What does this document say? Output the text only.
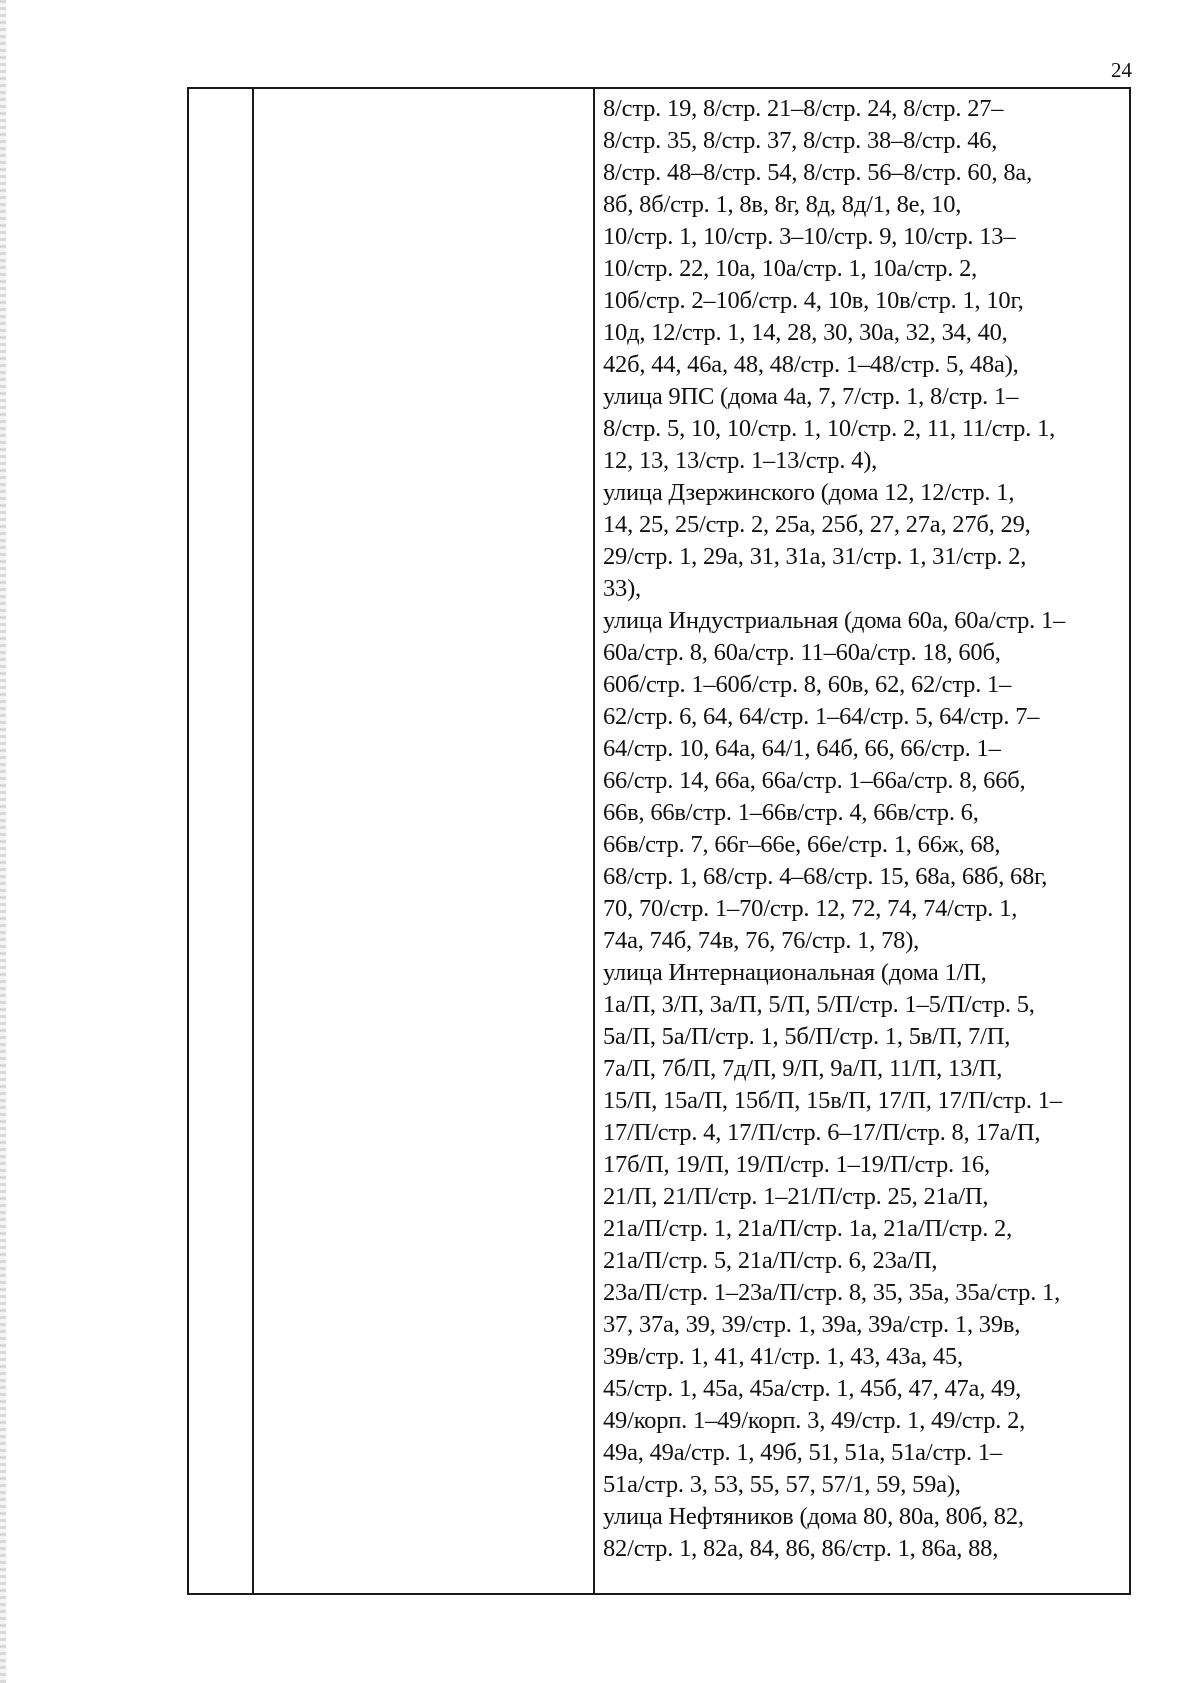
24
8/стр. 19, 8/стр. 21–8/стр. 24, 8/стр. 27–
8/стр. 35, 8/стр. 37, 8/стр. 38–8/стр. 46,
8/стр. 48–8/стр. 54, 8/стр. 56–8/стр. 60, 8а,
8б, 8б/стр. 1, 8в, 8г, 8д, 8д/1, 8е, 10,
10/стр. 1, 10/стр. 3–10/стр. 9, 10/стр. 13–
10/стр. 22, 10а, 10а/стр. 1, 10а/стр. 2,
10б/стр. 2–10б/стр. 4, 10в, 10в/стр. 1, 10г,
10д, 12/стр. 1, 14, 28, 30, 30а, 32, 34, 40,
42б, 44, 46а, 48, 48/стр. 1–48/стр. 5, 48а),
улица 9ПС (дома 4а, 7, 7/стр. 1, 8/стр. 1–
8/стр. 5, 10, 10/стр. 1, 10/стр. 2, 11, 11/стр. 1,
12, 13, 13/стр. 1–13/стр. 4),
улица Дзержинского (дома 12, 12/стр. 1,
14, 25, 25/стр. 2, 25а, 25б, 27, 27а, 27б, 29,
29/стр. 1, 29а, 31, 31а, 31/стр. 1, 31/стр. 2,
33),
улица Индустриальная (дома 60а, 60а/стр. 1–
60а/стр. 8, 60а/стр. 11–60а/стр. 18, 60б,
60б/стр. 1–60б/стр. 8, 60в, 62, 62/стр. 1–
62/стр. 6, 64, 64/стр. 1–64/стр. 5, 64/стр. 7–
64/стр. 10, 64а, 64/1, 64б, 66, 66/стр. 1–
66/стр. 14, 66а, 66а/стр. 1–66а/стр. 8, 66б,
66в, 66в/стр. 1–66в/стр. 4, 66в/стр. 6,
66в/стр. 7, 66г–66е, 66е/стр. 1, 66ж, 68,
68/стр. 1, 68/стр. 4–68/стр. 15, 68а, 68б, 68г,
70, 70/стр. 1–70/стр. 12, 72, 74, 74/стр. 1,
74а, 74б, 74в, 76, 76/стр. 1, 78),
улица Интернациональная (дома 1/П,
1а/П, 3/П, 3а/П, 5/П, 5/П/стр. 1–5/П/стр. 5,
5а/П, 5а/П/стр. 1, 5б/П/стр. 1, 5в/П, 7/П,
7а/П, 7б/П, 7д/П, 9/П, 9а/П, 11/П, 13/П,
15/П, 15а/П, 15б/П, 15в/П, 17/П, 17/П/стр. 1–
17/П/стр. 4, 17/П/стр. 6–17/П/стр. 8, 17а/П,
17б/П, 19/П, 19/П/стр. 1–19/П/стр. 16,
21/П, 21/П/стр. 1–21/П/стр. 25, 21а/П,
21а/П/стр. 1, 21а/П/стр. 1а, 21а/П/стр. 2,
21а/П/стр. 5, 21а/П/стр. 6, 23а/П,
23а/П/стр. 1–23а/П/стр. 8, 35, 35а, 35а/стр. 1,
37, 37а, 39, 39/стр. 1, 39а, 39а/стр. 1, 39в,
39в/стр. 1, 41, 41/стр. 1, 43, 43а, 45,
45/стр. 1, 45а, 45а/стр. 1, 45б, 47, 47а, 49,
49/корп. 1–49/корп. 3, 49/стр. 1, 49/стр. 2,
49а, 49а/стр. 1, 49б, 51, 51а, 51а/стр. 1–
51а/стр. 3, 53, 55, 57, 57/1, 59, 59а),
улица Нефтяников (дома 80, 80а, 80б, 82,
82/стр. 1, 82а, 84, 86, 86/стр. 1, 86а, 88,
